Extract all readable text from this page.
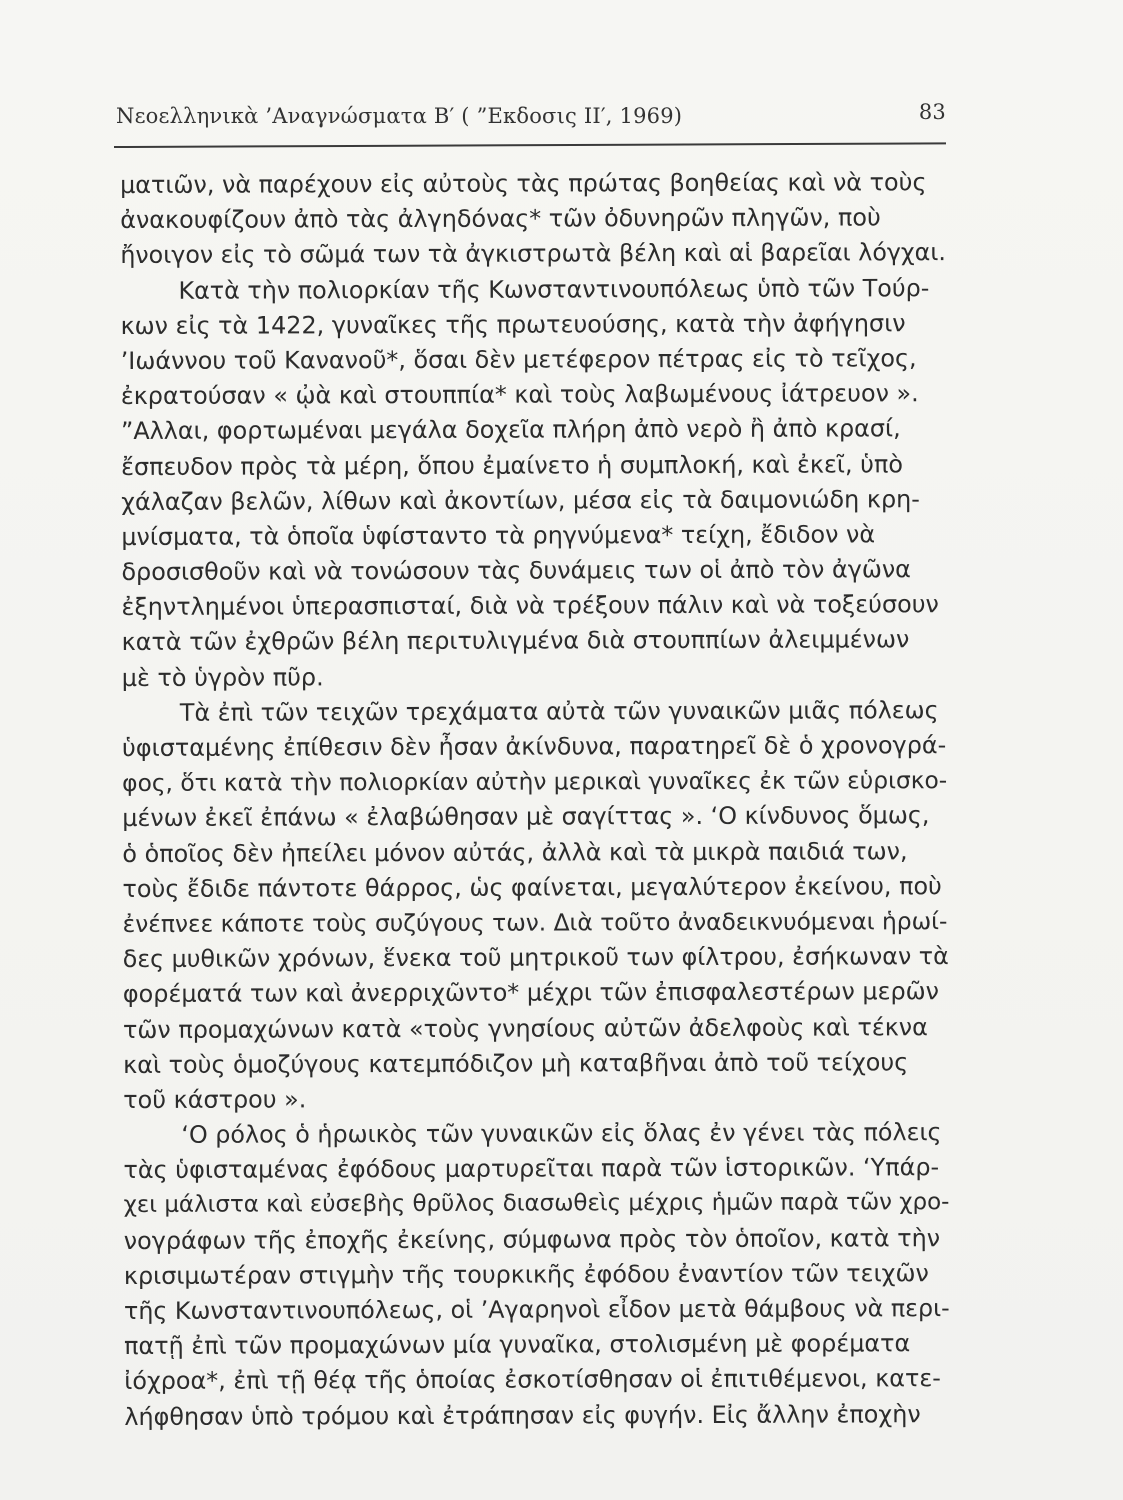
Νεοελληνικὰ ’Αναγνώσματα Β′ ( ”Εκδοσις ΙΙ′, 1969)	83
ματιῶν, νὰ παρέχουν εἰς αὐτοὺς τὰς πρώτας βοηθείας καὶ νὰ τοὺς
ἀνακουφίζουν ἀπὸ τὰς ἀλγηδόνας* τῶν ὀδυνηρῶν πληγῶν, ποὺ
ἤνοιγον εἰς τὸ σῶμά των τὰ ἀγκιστρωτὰ βέλη καὶ αἱ βαρεῖαι λόγχαι.
Κατὰ τὴν πολιορκίαν τῆς Κωνσταντινουπόλεως ὑπὸ τῶν Τούρ-
κων εἰς τὰ 1422, γυναῖκες τῆς πρωτευούσης, κατὰ τὴν ἀφήγησιν
’Ιωάννου τοῦ Κανανοῦ*, ὅσαι δὲν μετέφερον πέτρας εἰς τὸ τεῖχος,
ἐκρατούσαν « ᾠὰ καὶ στουππία* καὶ τοὺς λαβωμένους ἰάτρευον ».
”Αλλαι, φορτωμέναι μεγάλα δοχεῖα πλήρη ἀπὸ νερὸ ἢ ἀπὸ κρασί,
ἔσπευδον πρὸς τὰ μέρη, ὅπου ἐμαίνετο ἡ συμπλοκή, καὶ ἐκεῖ, ὑπὸ
χάλαζαν βελῶν, λίθων καὶ ἀκοντίων, μέσα εἰς τὰ δαιμονιώδη κρη-
μνίσματα, τὰ ὁποῖα ὑφίσταντο τὰ ρηγνύμενα* τείχη, ἔδιδον νὰ
δροσισθοῦν καὶ νὰ τονώσουν τὰς δυνάμεις των οἱ ἀπὸ τὸν ἀγῶνα
ἐξηντλημένοι ὑπερασπισταί, διὰ νὰ τρέξουν πάλιν καὶ νὰ τοξεύσουν
κατὰ τῶν ἐχθρῶν βέλη περιτυλιγμένα διὰ στουππίων ἀλειμμένων
μὲ τὸ ὑγρὸν πῦρ.
Τὰ ἐπὶ τῶν τειχῶν τρεχάματα αὐτὰ τῶν γυναικῶν μιᾶς πόλεως
ὑφισταμένης ἐπίθεσιν δὲν ἦσαν ἀκίνδυνα, παρατηρεῖ δὲ ὁ χρονογρά-
φος, ὅτι κατὰ τὴν πολιορκίαν αὐτὴν μερικαὶ γυναῖκες ἐκ τῶν εὑρισκο-
μένων ἐκεῖ ἐπάνω « ἐλαβώθησαν μὲ σαγίττας ». ‘Ο κίνδυνος ὅμως,
ὁ ὁποῖος δὲν ἠπείλει μόνον αὐτάς, ἀλλὰ καὶ τὰ μικρὰ παιδιά των,
τοὺς ἔδιδε πάντοτε θάρρος, ὡς φαίνεται, μεγαλύτερον ἐκείνου, ποὺ
ἐνέπνεε κάποτε τοὺς συζύγους των. Διὰ τοῦτο ἀναδεικνυόμεναι ἡρωί-
δες μυθικῶν χρόνων, ἕνεκα τοῦ μητρικοῦ των φίλτρου, ἐσήκωναν τὰ
φορέματά των καὶ ἀνερριχῶντο* μέχρι τῶν ἐπισφαλεστέρων μερῶν
τῶν προμαχώνων κατὰ «τοὺς γνησίους αὐτῶν ἀδελφοὺς καὶ τέκνα
καὶ τοὺς ὁμοζύγους κατεμπόδιζον μὴ καταβῆναι ἀπὸ τοῦ τείχους
τοῦ κάστρου ».
‘Ο ρόλος ὁ ἡρωικὸς τῶν γυναικῶν εἰς ὅλας ἐν γένει τὰς πόλεις
τὰς ὑφισταμένας ἐφόδους μαρτυρεῖται παρὰ τῶν ἱστορικῶν. ‘Υπάρ-
χει μάλιστα καὶ εὐσεβὴς θρῦλος διασωθεὶς μέχρις ἡμῶν παρὰ τῶν χρο-
νογράφων τῆς ἐποχῆς ἐκείνης, σύμφωνα πρὸς τὸν ὁποῖον, κατὰ τὴν
κρισιμωτέραν στιγμὴν τῆς τουρκικῆς ἐφόδου ἐναντίον τῶν τειχῶν
τῆς Κωνσταντινουπόλεως, οἱ ’Αγαρηνοὶ εἶδον μετὰ θάμβους νὰ περι-
πατῇ ἐπὶ τῶν προμαχώνων μία γυναῖκα, στολισμένη μὲ φορέματα
ἰόχροα*, ἐπὶ τῇ θέᾳ τῆς ὁποίας ἐσκοτίσθησαν οἱ ἐπιτιθέμενοι, κατε-
λήφθησαν ὑπὸ τρόμου καὶ ἐτράπησαν εἰς φυγήν. Εἰς ἄλλην ἐποχὴν
